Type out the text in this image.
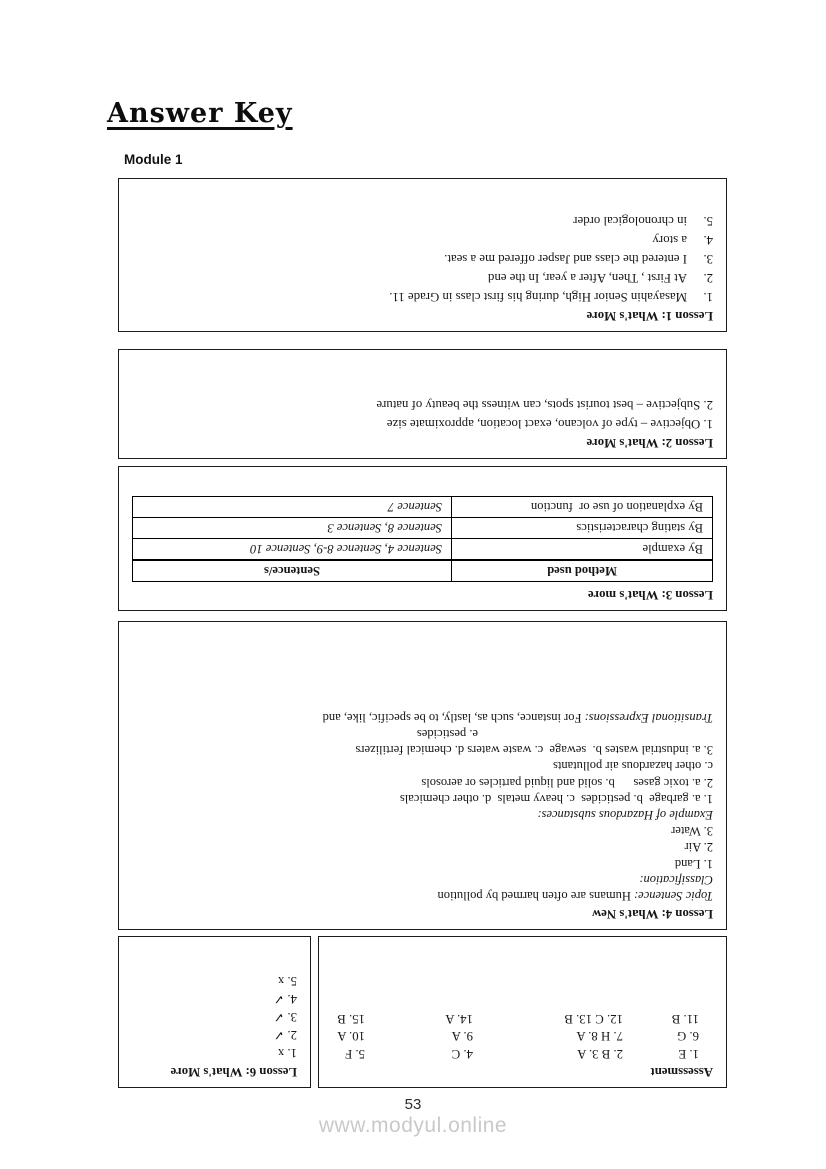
Answer Key
Module 1
Lesson 1: What's More
1.
Masayahin Senior High, during his first class in Grade 11.
2.
At First , Then, After a year, In the end
3.
I entered the class and Jasper offered me a seat.
4.
a story
5.
in chronological order
Lesson 2: What's More
1. Objective – type of volcano, exact location, approximate size
2. Subjective – best tourist spots, can witness the beauty of nature
Lesson 3: What's more
Method used	Sentence/s
By example	Sentence 4, Sentence 8-9, Sentence 10
By stating characteristics	Sentence 8, Sentence 3
By explanation of use or  function	Sentence 7
Lesson 4: What's New
Topic Sentence: Humans are often harmed by pollution
Classification:
1. Land
2. Air
3. Water
Example of Hazardous substances:
1. a. garbage  b. pesticides  c. heavy metals  d. other chemicals
2. a. toxic gases      b. solid and liquid particles or aerosols
c. other hazardous air pollutants
3. a. industrial wastes b.  sewage  c. waste waters d. chemical fertilizers
e. pesticides
Transitional Expressions: For instance, such as, lastly, to be specific, like, and
Lesson 6: What's More
1. x
2. ✓
3. ✓
4. ✓
5. x
Assessment
1. E
2. B 3. A
4. C
5. F
6. G
7. H 8. A
9. A
10. A
11. B
12. C 13. B
14. A
15. B
53
www.modyul.online
